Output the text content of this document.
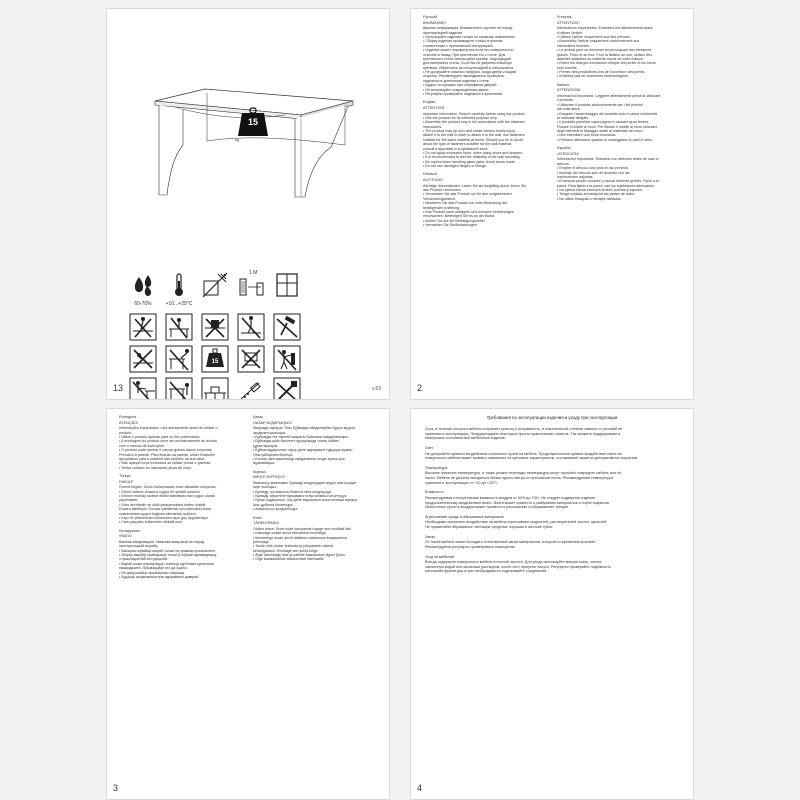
15
kg
60-70%	+10...+25°C
1 M
15
13	v.83
Русский
ВНИМАНИЕ!
Важная информация. Внимательно изучите её перед
эксплуатацией изделия.
• Используйте изделие только по прямому назначению.
• Сборку изделия производите только в полном
соответствии с прилагаемой инструкцией.
• Изделие может опрокинуться если его поверхностно
отклонить назад. При креплении его к стене. Для
крепления к стене используйте крепёж, подходящий
для материала стены. Если Вы не уверены в выборе
крепежа, обратитесь за консультацией в специалиста
• Не допускайте опасных нагрузок, когда двери и ящики
открыты. Рекомендуем периодически проверять
надёжность крепления изделия к стене.
• Будьте осторожны при открывании дверей.
• Не используйте повреждённые двери.
• Регулярно проверяйте надёжность креплений.
English
ATTENTION
Important information. Read it carefully before using the product.
• Use the product for its intended purpose only.
• Assemble the product only in full accordance with the attached
instructions.
• The product may tip over and cause serious bodily injury.
Attach it to the wall in order to attach it to the wall, use fasteners
suitable for the wall's material at home. Should you be in doubt
about the type of fasteners suitable for the wall material,
consult a specialist in a specialized store.
• Do not apply excessive force, when using doors and drawers.
• It is recommended to test the reliability of the wall mounting.
• Be careful when handling glass parts. Avoid shock loads.
• Do not use damaged hinges or fittings.
Deutsch
ACHTUNG!
Wichtige Informationen. Lesen Sie sie sorgfältig durch, bevor Sie
das Produkt verwenden.
• Verwenden Sie das Produkt nur für den vorgesehenen
Verwendungszweck.
• Montieren Sie das Produkt nur unter Beachtung der
beiliegenden Anleitung.
• Das Produkt kann umkippen und schwere Verletzungen
verursachen. Befestigen Sie es an der Wand.
• Achten Sie auf die Befestigungsmittel.
• Vermeiden Sie Stoßbelastungen.
Français
ATTENTION !
Informations importantes. Examinez-les attentivement avant
d'utiliser l'article.
• Utilisez l'article uniquement aux fins prévues.
• Assemblez l'article uniquement conformément aux
instructions fournies.
• Le produit peut se renverser en provoquant des blessures
graves. Fixez-le au mur. Pour la fixation au mur, utilisez des
attaches adaptées au matériau mural de votre maison.
• Évitez les charges excessives lorsque les portes et les tiroirs
sont ouverts.
• Prenez des précautions lors de l'ouverture des portes.
• N'utilisez pas de charnières endommagées.
Italiano
ATTENZIONE
Informazioni importanti. Leggerle attentamente prima di utilizzare
il prodotto.
• Utilizzare il prodotto esclusivamente per i fini previsti
dal costruttore.
• Eseguire l'assemblaggio del prodotto solo in piena conformità
al manuale allegato.
• Il prodotto potrebbe capovolgersi e causare gravi lesioni.
Fissare il mobile al muro. Per fissare il mobile al muro utilizzare
degli elementi di fissaggio adatti al materiale del muro.
• Non esercitare una forza eccessiva.
• Prestare attenzione quando si maneggiano le parti in vetro.
Español
¡ATENCIÓN!
Información importante. Estúdielo con atención antes de usar el
artículo.
• Emplee el artículo sólo para el uso previsto.
• Montaje del artículo sólo de acuerdo con las
instrucciones adjuntas.
• El artículo puede volcarse y causar lesiones graves. Fíjelo a la
pared. Para fijarlo a la pared, use los sujetadores adecuados.
• No ejerza fuerza excesiva al abrir puertas y cajones.
• Tenga cuidado al manipular las partes de vidrio.
• No utilice bisagras o herrajes dañados.
2
Português
ATENÇÃO!
Informações importantes. Leia atentamente antes de utilizar o
produto.
• Utilize o produto apenas para os fins pretendidos.
• A montagem do produto deve ser exclusivamente de acordo
com o manual de instruções.
• O produto pode tombar e causar graves danos corporais.
Prenda-o à parede. Para fixação na parede, utilize fixadores
apropriados para o material das paredes da sua casa.
• Não aplique força excessiva ao utilizar portas e gavetas.
• Tenha cuidado ao manusear peças de vidro.
Türkçe
DİKKAT!
Önemli bilgiler. Ürünü kullanmadan önce dikkatlice okuyunuz.
• Ürünü sadece amacına uygun bir şekilde kullanın.
• Ürünün montajı sadece ekteki talimatlara tam uygun olarak
yapılmalıdır.
• Ürün devrilebilir ve ciddi yaralanmalara neden olabilir.
Duvara sabitleyin. Duvara sabitlemek için evinizdeki duvar
malzemesine uygun bağlantı elemanları kullanın.
• Kapı ve çekmeceleri kullanırken aşırı güç uygulamayın.
• Cam parçaları kullanırken dikkatli olun.
Беларуская
УВАГА!
Важная інфармацыя. Уважліва вывучыце яе перад
эксплуатацыяй вырабу.
• Выкарыстоўвайце выраб толькі па прамым прызначэнні.
• Зборку вырабу праводзьце толькі ў поўнай адпаведнасці
з прыкладзенай інструкцыяй.
• Выраб можа перакуліцца і нанесці сур'ёзныя цялесныя
пашкоджанні. Прымацуйце яго да сцяны.
• Не дапушчайце празмерных нагрузак.
• Будзьце асцярожныя пры адкрыванні дзвярэй.
Қазақ
НАЗАР АУДАРЫҢЫЗ!
Маңызды ақпарат. Оны бұйымды пайдаланбас бұрын мұқият
зерделеп шығыңыз.
• Бұйымды тек тікелей мақсаты бойынша пайдаланыңыз.
• Бұйымды қоса берілген нұсқаулыққа толық сәйкес
құрастырыңыз.
• Бұйым аударылып, ауыр дене жарақатын тудыруы мүмкін.
Оны қабырғаға бекітіңіз.
• Есіктер мен жәшіктерді пайдаланған кезде артық күш
жұмсамаңыз.
Кыргыз
КӨҢҮЛ БУРУҢУЗ!
Маанилүү маалымат. Буюмду колдонуудан мурун аны кылдат
окуп чыгыңыз.
• Буюмду түз максаты боюнча гана колдонуңуз.
• Буюмду тиркелген нускамага толук ылайык чогултуңуз.
• Буюм оодарылып, оор дене жаракатын алып келиши мүмкүн.
Аны дубалга бекитиңиз.
• Ашыкча күч колдонбоңуз.
Eesti
TÄHELEPANU!
Oluline teave. Enne toote kasutamist lugege see hoolikalt läbi.
• Kasutage toodet ainult ettenähtud eesmärgil.
• Monteerige toode ainult täielikus vastavuses kaasasoleva
juhendiga.
• Toode võib ümber kukkuda ja põhjustada raskeid
kehavigastusi. Kinnitage see seina külge.
• Ärge rakendage uste ja sahtlite kasutamisel liigset jõudu.
• Olge klaasdetailide käsitsemisel ettevaatlik.
3
Требования по эксплуатации изделия и уходу при эксплуатации
Срок, в течение которого мебель сохраняет красоту и исправность, в значительной степени зависит от условий её
хранения и эксплуатации. Предупреждаем некоторых просто практических советов. Так сможете поддерживать в
наилучшем состоянии всё мебельное изделие.
Свет
Не допускайте прямого воздействия солнечных лучей на мебель. Продолжительное прямое воздействие света на
поверхность мебели может вызвать изменение её цветовых характеристик, отслаивание защитно-декоративного покрытия.
Температура
Высокие значения температуры, а также резкие перепады температуры могут серьёзно повредить мебель или её
части. Мебель не должна находиться ближе одного метра от источников тепла. Рекомендуемая температура
хранения и эксплуатации от +10 до +25°С.
Влажность
Рекомендуемая относительная влажность воздуха от 60% до 70%. Не следует подвергать изделие
продолжительному воздействию влаги. Влага может привести к разбуханию материалов и порче покрытия.
Избыточное сухость воздуха может привести к рассыханию и образованию трещин.
Агрессивные среды и абразивные материалы
Необходимо исключить воздействие на мебель агрессивных жидкостей, растворителей, кислот, щелочей.
Не применяйте абразивные чистящие средства, порошки и жёсткие губки.
Запах
От новой мебели может исходить естественный запах материалов, который со временем исчезает.
Рекомендуется регулярно проветривать помещение.
Уход за мебелью
Всегда содержите поверхности мебели в полной чистоте. Для ухода используйте мягкую ткань, слегка
смоченную водой или мыльным раствором, после чего протрите насухо. Регулярно проверяйте надёжность
крепления фурнитуры и при необходимости подтягивайте соединения.
4
